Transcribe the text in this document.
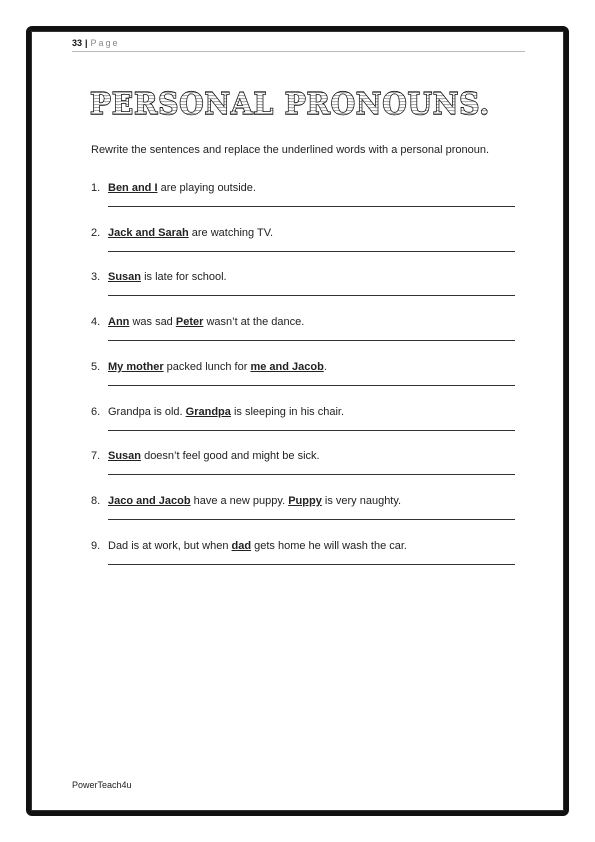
33 | Page
PERSONAL PRONOUNS.
Rewrite the sentences and replace the underlined words with a personal pronoun.
1. Ben and I are playing outside.
2. Jack and Sarah are watching TV.
3. Susan is late for school.
4. Ann was sad Peter wasn’t at the dance.
5. My mother packed lunch for me and Jacob.
6. Grandpa is old. Grandpa is sleeping in his chair.
7. Susan doesn’t feel good and might be sick.
8. Jaco and Jacob have a new puppy. Puppy is very naughty.
9. Dad is at work, but when dad gets home he will wash the car.
PowerTeach4u
